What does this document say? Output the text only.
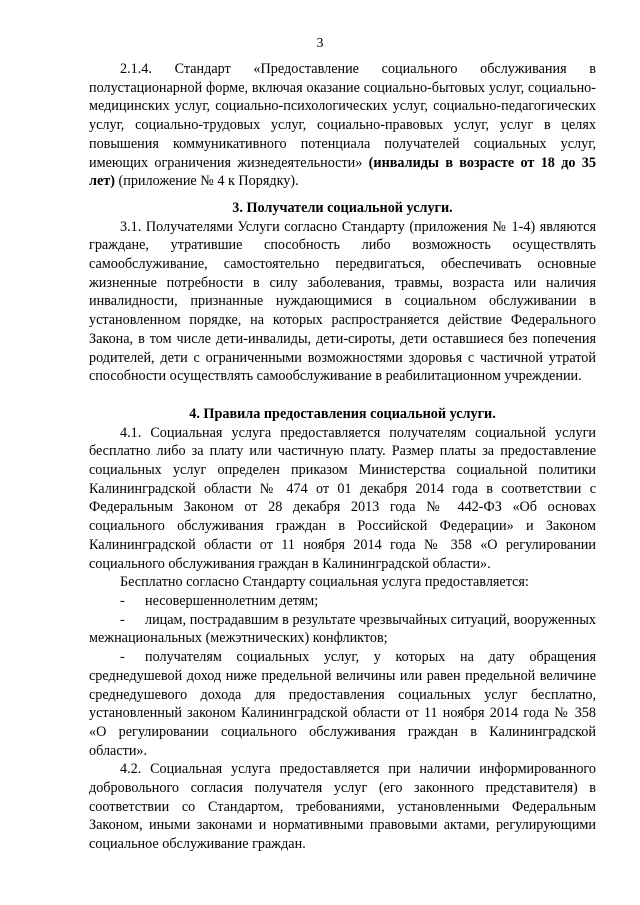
3

2.1.4. Стандарт «Предоставление социального обслуживания в полустационарной форме, включая оказание социально-бытовых услуг, социально-медицинских услуг, социально-психологических услуг, социально-педагогических услуг, социально-трудовых услуг, социально-правовых услуг, услуг в целях повышения коммуникативного потенциала получателей социальных услуг, имеющих ограничения жизнедеятельности» (инвалиды в возрасте от 18 до 35 лет) (приложение № 4 к Порядку).

3. Получатели социальной услуги.

3.1. Получателями Услуги согласно Стандарту (приложения № 1-4) являются граждане, утратившие способность либо возможность осуществлять самообслуживание, самостоятельно передвигаться, обеспечивать основные жизненные потребности в силу заболевания, травмы, возраста или наличия инвалидности, признанные нуждающимися в социальном обслуживании в установленном порядке, на которых распространяется действие Федерального Закона, в том числе дети-инвалиды, дети-сироты, дети оставшиеся без попечения родителей, дети с ограниченными возможностями здоровья с частичной утратой способности осуществлять самообслуживание в реабилитационном учреждении.

4. Правила предоставления социальной услуги.

4.1. Социальная услуга предоставляется получателям социальной услуги бесплатно либо за плату или частичную плату. Размер платы за предоставление социальных услуг определен приказом Министерства социальной политики Калининградской области № 474 от 01 декабря 2014 года в соответствии с Федеральным Законом от 28 декабря 2013 года № 442-ФЗ «Об основах социального обслуживания граждан в Российской Федерации» и Законом Калининградской области от 11 ноября 2014 года № 358 «О регулировании социального обслуживания граждан в Калининградской области».

Бесплатно согласно Стандарту социальная услуга предоставляется:

-	несовершеннолетним детям;

- лицам, пострадавшим в результате чрезвычайных ситуаций, вооруженных межнациональных (межэтнических) конфликтов;

- получателям социальных услуг, у которых на дату обращения среднедушевой доход ниже предельной величины или равен предельной величине среднедушевого дохода для предоставления социальных услуг бесплатно, установленный законом Калининградской области от 11 ноября 2014 года № 358 «О регулировании социального обслуживания граждан в Калининградской области».

4.2. Социальная услуга предоставляется при наличии информированного добровольного согласия получателя услуг (его законного представителя) в соответствии со Стандартом, требованиями, установленными Федеральным Законом, иными законами и нормативными правовыми актами, регулирующими социальное обслуживание граждан.
